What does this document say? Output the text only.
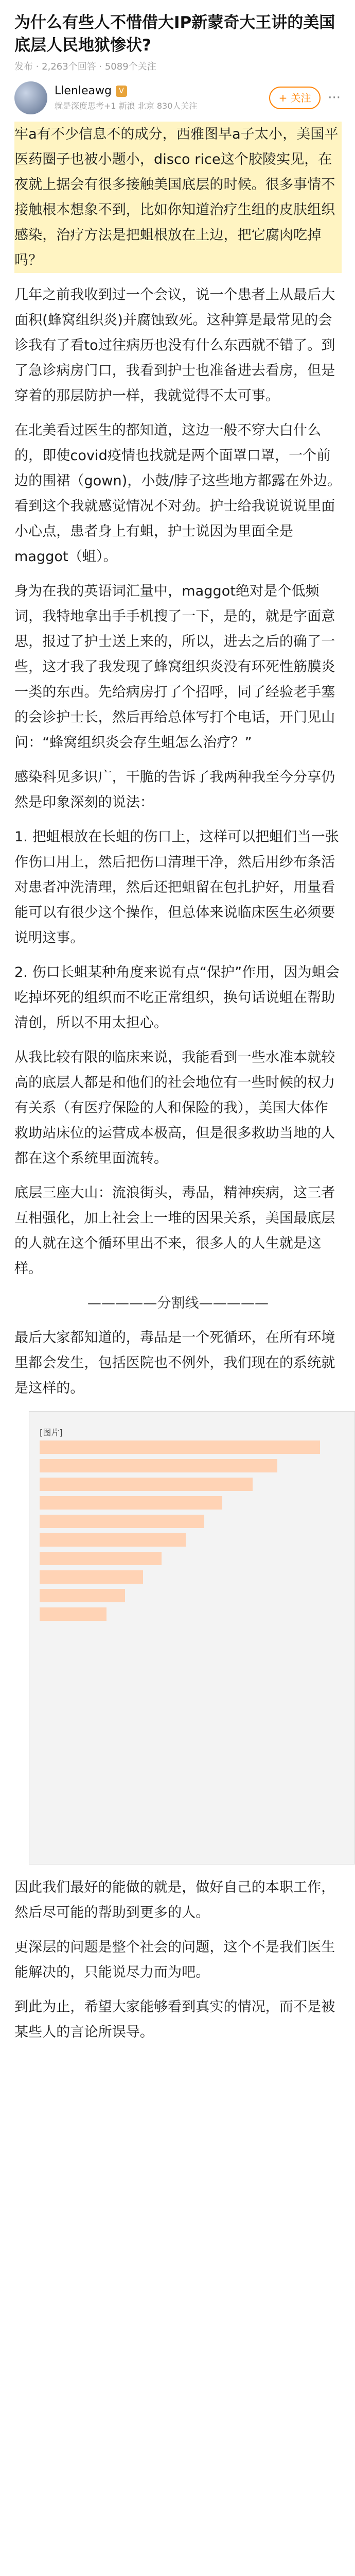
为什么有些人不惜借大IP新蒙奇大王讲的美国底层人民地狱惨状?
发布 · 2,263个回答 · 5089个关注
Llenleawg	V
就是深度思考+1 新浪 北京 830人关注
+ 关注	···

牢a有不少信息不的成分，西雅图早a子太小，美国平医药圈子也被小题小，disco rice这个胶陵实见，在夜就上据会有很多接触美国底层的时候。很多事情不接触根本想象不到，比如你知道治疗生组的皮肤组织感染，治疗方法是把蛆根放在上边，把它腐肉吃掉吗？

几年之前我收到过一个会议，说一个患者上从最后大面积(蜂窝组织炎)并腐蚀致死。这种算是最常见的会诊我有了看to过往病历也没有什么东西就不错了。到了急诊病房门口，我看到护士也准备进去看房，但是穿着的那层防护一样，我就觉得不太可事。

在北美看过医生的都知道，这边一般不穿大白什么的，即使covid疫情也找就是两个面罩口罩，一个前边的围裙（gown)，小鼓/脖子这些地方都露在外边。看到这个我就感觉情况不对劲。护士给我说说说里面小心点，患者身上有蛆，护士说因为里面全是maggot（蛆）。

身为在我的英语词汇量中，maggot绝对是个低频词，我特地拿出手手机搜了一下，是的，就是字面意思，报过了护士送上来的，所以，进去之后的确了一些，这才我了我发现了蜂窝组织炎没有环死性筋膜炎一类的东西。先给病房打了个招呼，同了经验老手塞的会诊护士长，然后再给总体写打个电话，开门见山问：“蜂窝组织炎会存生蛆怎么治疗？”

感染科见多识广，干脆的告诉了我两种我至今分享仍然是印象深刻的说法：

1. 把蛆根放在长蛆的伤口上，这样可以把蛆们当一张作伤口用上，然后把伤口清理干净，然后用纱布条活对患者冲洗清理，然后还把蛆留在包扎护好，用量看能可以有很少这个操作，但总体来说临床医生必须要说明这事。

2. 伤口长蛆某种角度来说有点“保护”作用，因为蛆会吃掉坏死的组织而不吃正常组织，换句话说蛆在帮助清创，所以不用太担心。

从我比较有限的临床来说，我能看到一些水准本就较高的底层人都是和他们的社会地位有一些时候的权力有关系（有医疗保险的人和保险的我），美国大体作救助站床位的运营成本极高，但是很多救助当地的人都在这个系统里面流转。

底层三座大山：流浪街头，毒品，精神疾病，这三者互相强化，加上社会上一堆的因果关系，美国最底层的人就在这个循环里出不来，很多人的人生就是这样。

—————分割线—————

最后大家都知道的，毒品是一个死循环，在所有环境里都会发生，包括医院也不例外，我们现在的系统就是这样的。

[图片]

因此我们最好的能做的就是，做好自己的本职工作，然后尽可能的帮助到更多的人。

更深层的问题是整个社会的问题，这个不是我们医生能解决的，只能说尽力而为吧。

到此为止，希望大家能够看到真实的情况，而不是被某些人的言论所误导。
